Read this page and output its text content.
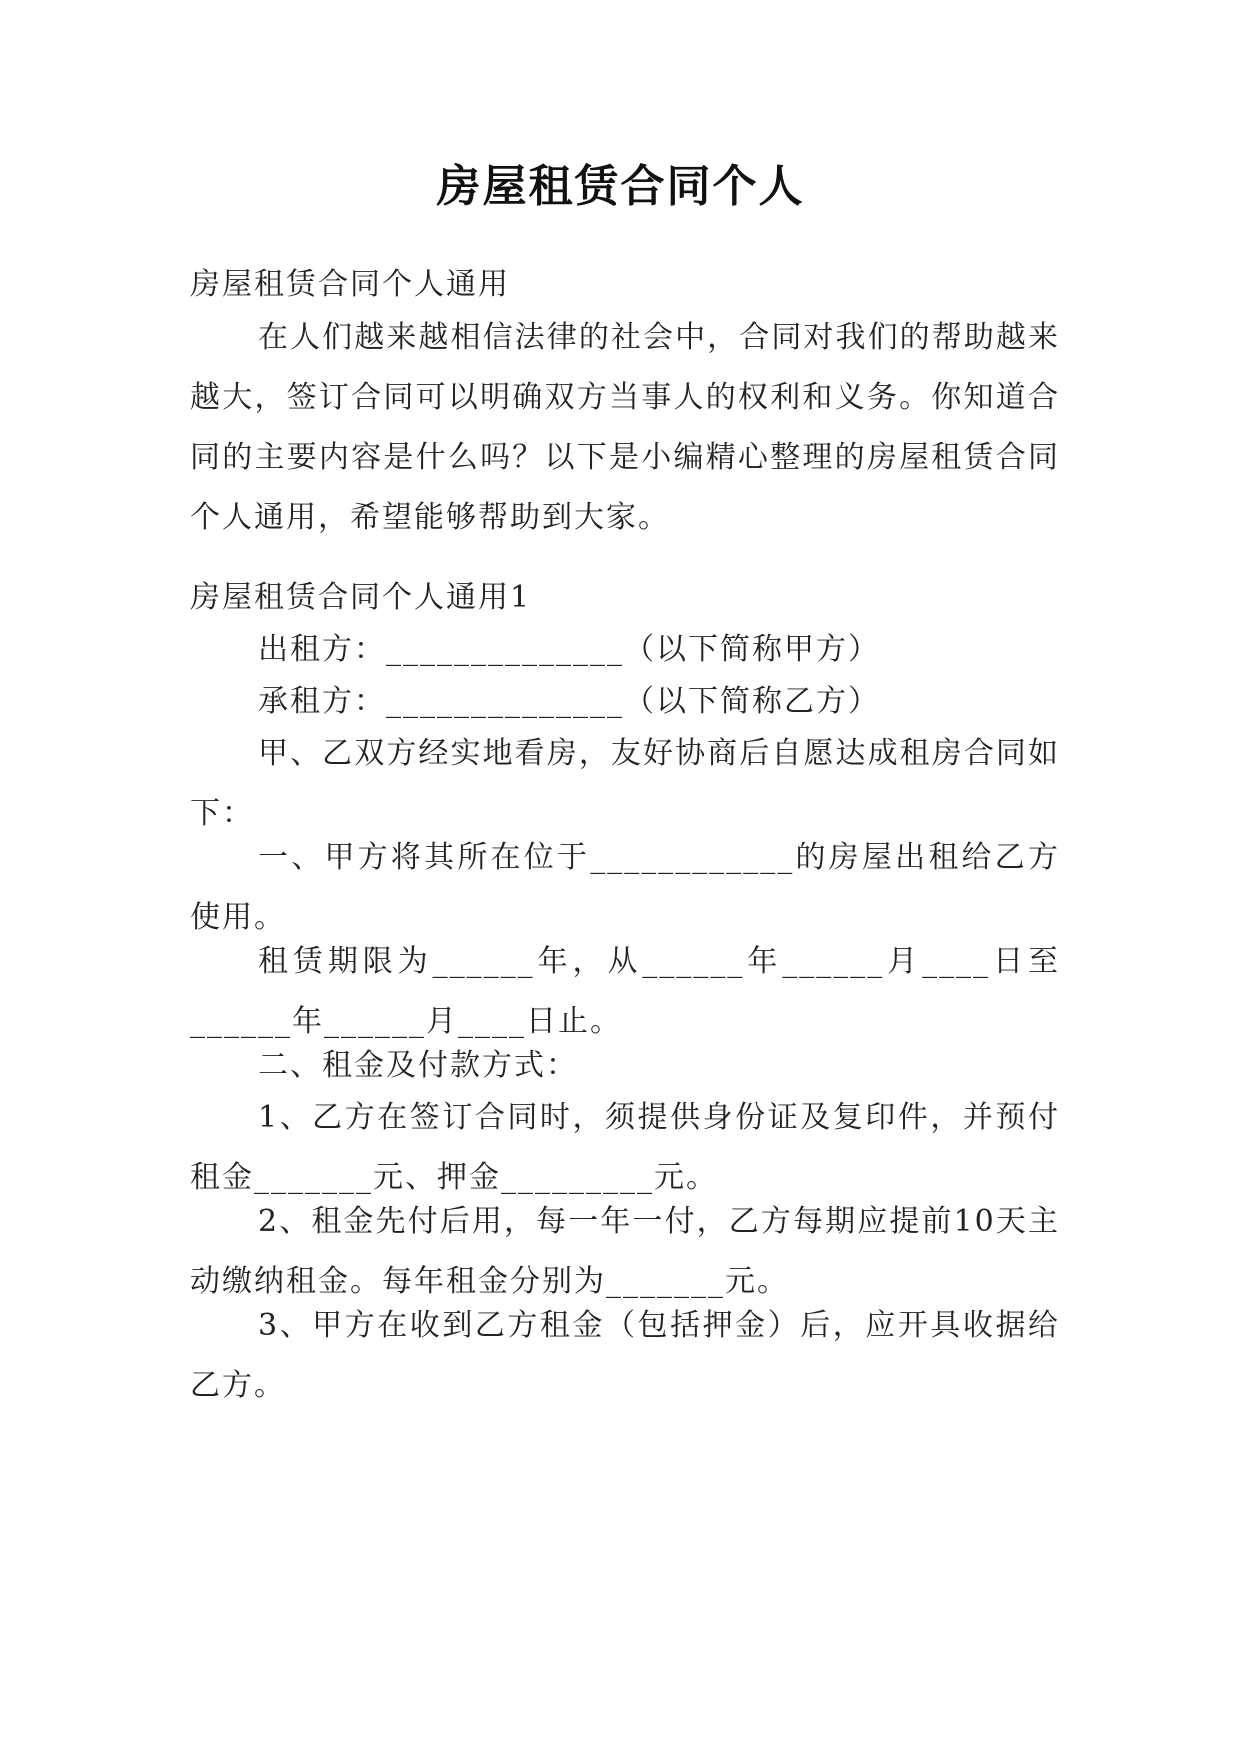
房屋租赁合同个人

房屋租赁合同个人通用

在人们越来越相信法律的社会中，合同对我们的帮助越来越大，签订合同可以明确双方当事人的权利和义务。你知道合同的主要内容是什么吗？以下是小编精心整理的房屋租赁合同个人通用，希望能够帮助到大家。

房屋租赁合同个人通用1

出租方：______________（以下简称甲方）

承租方：______________（以下简称乙方）

甲、乙双方经实地看房，友好协商后自愿达成租房合同如下：

一、甲方将其所在位于____________的房屋出租给乙方使用。

租赁期限为______年，从______年______月____日至______年______月____日止。

二、租金及付款方式：

1、乙方在签订合同时，须提供身份证及复印件，并预付租金_______元、押金_________元。

2、租金先付后用，每一年一付，乙方每期应提前10天主动缴纳租金。每年租金分别为_______元。

3、甲方在收到乙方租金（包括押金）后，应开具收据给乙方。
